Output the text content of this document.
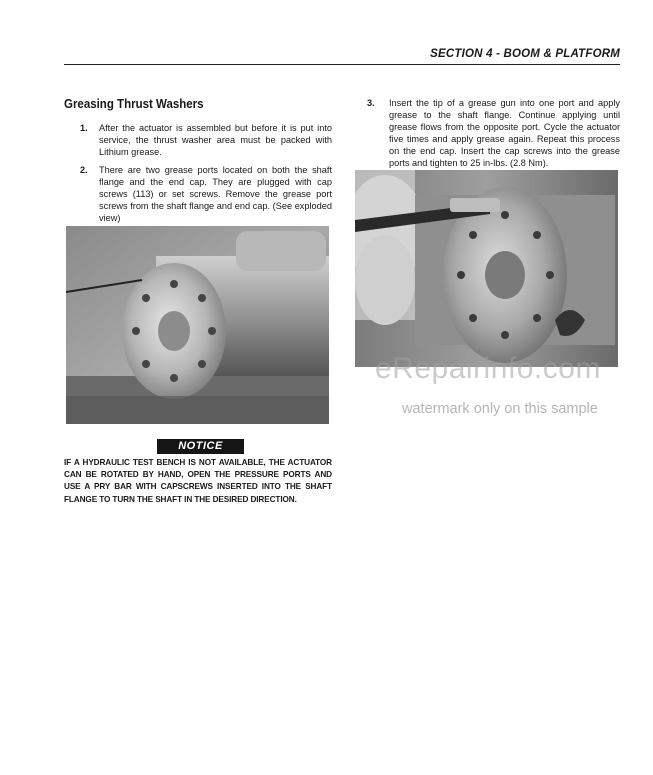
SECTION 4 - BOOM & PLATFORM
Greasing Thrust Washers
1. After the actuator is assembled but before it is put into service, the thrust washer area must be packed with Lithium grease.
2. There are two grease ports located on both the shaft flange and the end cap. They are plugged with cap screws (113) or set screws. Remove the grease port screws from the shaft flange and end cap. (See exploded view)
NOTICE
IF A HYDRAULIC TEST BENCH IS NOT AVAILABLE, THE ACTUATOR CAN BE ROTATED BY HAND, OPEN THE PRESSURE PORTS AND USE A PRY BAR WITH CAPSCREWS INSERTED INTO THE SHAFT FLANGE TO TURN THE SHAFT IN THE DESIRED DIRECTION.
3. Insert the tip of a grease gun into one port and apply grease to the shaft flange. Continue applying until grease flows from the opposite port. Cycle the actuator five times and apply grease again. Repeat this process on the end cap. Insert the cap screws into the grease ports and tighten to 25 in-lbs. (2.8 Nm).
eRepairinfo.com
watermark only on this sample
